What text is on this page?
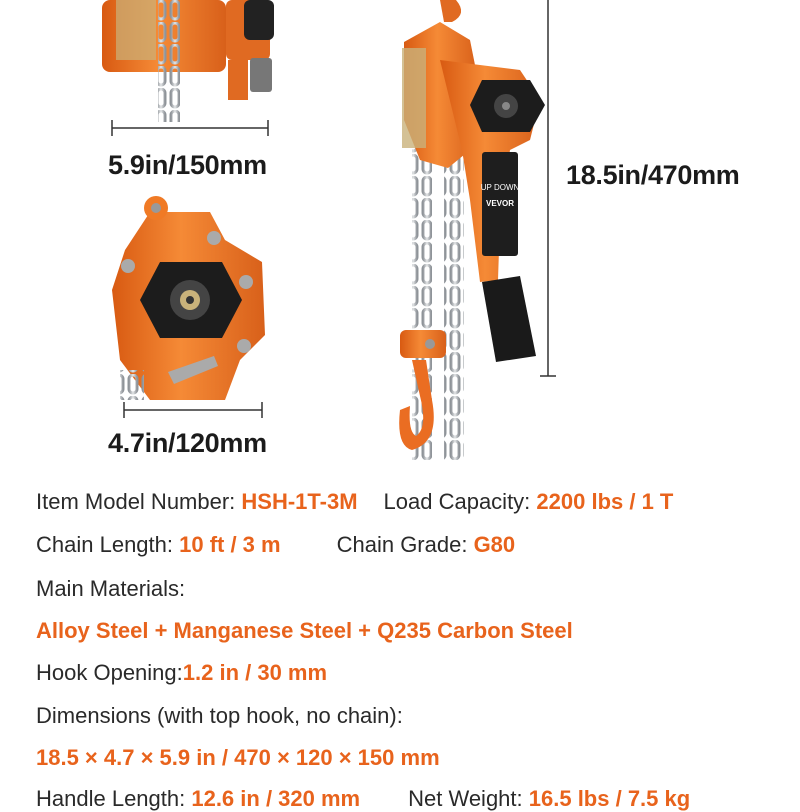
UP DOWN
VEVOR
5.9in/150mm
4.7in/120mm
18.5in/470mm
Item Model Number: HSH-1T-3M Load Capacity: 2200 lbs / 1 T
Chain Length: 10 ft / 3 m	Chain Grade: G80
Main Materials:
Alloy Steel + Manganese Steel + Q235 Carbon Steel
Hook Opening:1.2 in / 30 mm
Dimensions (with top hook, no chain):
18.5 × 4.7 × 5.9 in / 470 × 120 × 150 mm
Handle Length: 12.6 in / 320 mm Net Weight: 16.5 lbs / 7.5 kg
